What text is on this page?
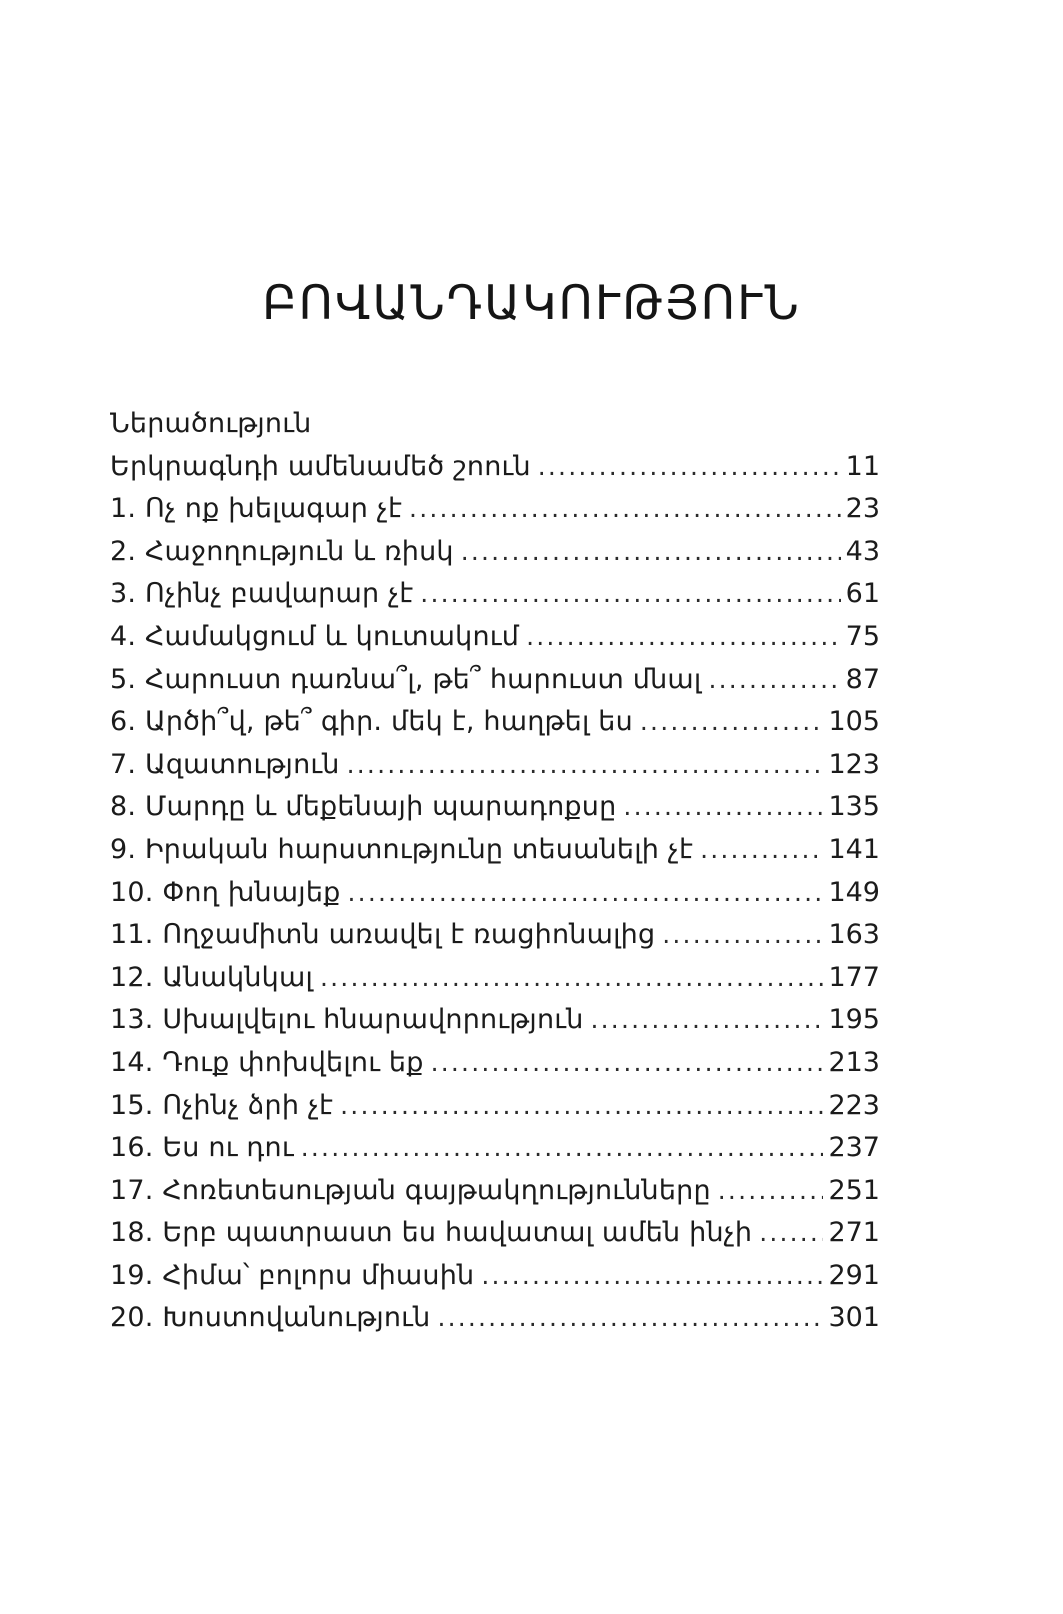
ԲՈՎԱՆԴԱԿՈՒԹՅՈՒՆ
Ներածություն
Երկրագնդի ամենամեծ շոուն .....	11
1. Ոչ ոք խելագար չէ .....	23
2. Հաջողություն և ռիսկ .....	43
3. Ոչինչ բավարար չէ .....	61
4. Համակցում և կուտակում .....	75
5. Հարուստ դառնա՞լ, թե՞ հարուստ մնալ .....	87
6. Արծի՞վ, թե՞ գիր. մեկ է, հաղթել ես .....	105
7. Ազատություն .....	123
8. Մարդը և մեքենայի պարադոքսը .....	135
9. Իրական հարստությունը տեսանելի չէ .....	141
10. Փող խնայեք .....	149
11. Ողջամիտն առավել է ռացիոնալից .....	163
12. Անակնկալ .....	177
13. Սխալվելու հնարավորություն .....	195
14. Դուք փոխվելու եք .....	213
15. Ոչինչ ձրի չէ .....	223
16. Ես ու դու .....	237
17. Հոռետեսության գայթակղությունները .....	251
18. Երբ պատրաստ ես հավատալ ամեն ինչի .....	271
19. Հիմա՝ բոլորս միասին .....	291
20. Խոստովանություն .....	301
